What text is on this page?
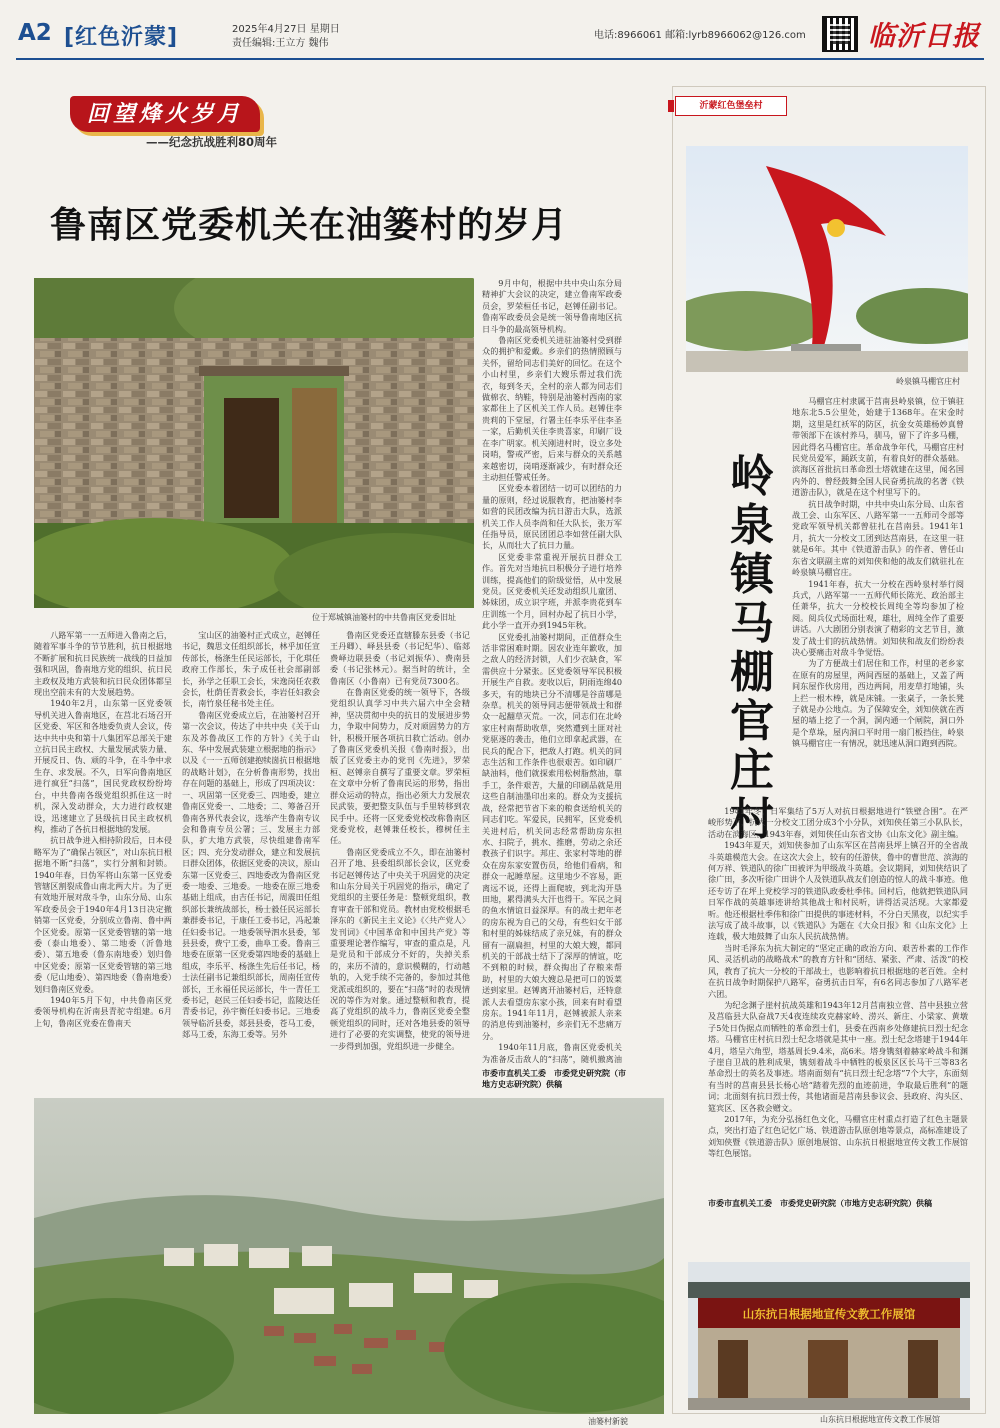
A2 [红色沂蒙]	2025年4月27日 星期日
责任编辑:王立方 魏伟
电话:8966061 邮箱:lyrb8966062@126.com 临沂日报
回望烽火岁月
——纪念抗战胜利80周年
鲁南区党委机关在油篓村的岁月
位于郑城镇油篓村的中共鲁南区党委旧址

9月中旬，根据中共中央山东分局精神扩大会议的决定，建立鲁南军政委员会，罗荣桓任书记，赵镈任副书记。鲁南军政委员会是统一领导鲁南地区抗日斗争的最高领导机构。

鲁南区党委机关进驻油篓村受到群众的拥护和爱戴。乡亲们的热情照顾与关怀，留给同志们美好的回忆。在这个小山村里，乡亲们大嫂乐帮过我们洗衣，每到冬天，全村的亲人都为同志们做棉衣、纳鞋，特别是油篓村西南的家家都住上了区机关工作人员。赵镈住李贵莉的下堂屋，行署主任李乐平住李圣一家，后勤机关住李贵喜家，印刷厂设在李广明家。机关刚进村时，设立多处岗哨，警戒严密，后来与群众的关系越来越密切，岗哨逐渐减少，有时群众还主动担任警戒任务。

区党委本着团结一切可以团结的力量的原则，经过说服教育，把油篓村李如营的民团改编为抗日游击大队，选派机关工作人员李尚和任大队长，张万军任指导员，原民团团总李如营任副大队长，从而壮大了抗日力量。

区党委非常重视开展抗日群众工作。首先对当地抗日积极分子进行培养训练，提高他们的阶级觉悟，从中发展党员。区党委机关还发动组织儿童团、姊妹团，成立识字班，并派李贵花到车庄训练一个月，回村办起了抗日小学，此小学一直开办到1945年秋。

区党委扎油篓村期间，正值群众生活非常困难时期。因农业连年歉收，加之敌人的经济封锁，人们少衣缺食，军需供应十分紧张。区党委领导军民积极开展生产自救。麦收以后，阴雨连绵40多天，有的地块已分不清哪是谷苗哪是杂草。机关的领导同志便带领战士和群众一起翻草灭荒。一次，同志们在北岭家庄村南帮助收草，突然遭到土匪对社党驱逐的袭击，他们立即拿起武器，在民兵的配合下，把敌人打跑。机关的同志生活和工作条件也很艰苦。如印刷厂缺油料，他们就探索用松树脂熬油，靠手工，条件艰苦，大量的印刷品就是用这些自制油墨印出来的。群众为支援抗战，经常把节省下来的粮食送给机关的同志们吃。军爱民，民拥军，区党委机关进村后，机关同志经常帮助房东担水、扫院子，挑水、推磨，劳动之余还教孩子们识字。邦庄、张家村等地的群众在房东家安置伤员，给他们看病，和群众一起睡草屋。这里地少不容易，距离远不说，还得上面爬坡，到北沟开垦田地，累得满头大汗也得干。军民之间的鱼水情谊日益深厚。有的战士把年老的房东视为自己的父母，有些妇女干部和村里的姊妹结成了亲兄妹，有的群众留有一副扁担，村里的大娘大嫂，都同机关的干部战士结下了深厚的情谊，吃不到粮的时候，群众掏出了存粮来帮助，村里的大娘大嫂总是把可口的饭菜送到家里。赵镈离开油篓村后，还特意派人去看望房东家小孩，回来有时看望房东。1941年11月，赵镈被派人亲来的消息传到油篓村，乡亲们无不悲痛万分。

1940年11月底，鲁南区党委机关为准备反击敌人的“扫荡”，随机撤离油

市委市直机关工委　市委党史研究院（市地方史志研究院）供稿

八路军第一一五师进入鲁南之后，随着军事斗争的节节胜利，抗日根据地不断扩展和抗日民族统一战线的日益加强和巩固，鲁南地方党的组织、抗日民主政权及地方武装和抗日民众团体都呈现出空前未有的大发展趋势。

1940年2月，山东第一区党委领导机关进入鲁南地区，在莒北石场召开区党委、军区和各地委负责人会议，传达中共中央和第十八集团军总部关于建立抗日民主政权、大量发展武装力量、开展反日、伪、顽的斗争，在斗争中求生存、求发展。不久，日军向鲁南地区进行疯狂“扫荡”，国民党政权纷纷垮台，中共鲁南各级党组织抓住这一时机，深入发动群众，大力进行政权建设，迅速建立了县级抗日民主政权机构，推动了各抗日根据地的发展。

抗日战争进入相持阶段后，日本侵略军为了“确保占领区”，对山东抗日根据地不断“扫荡”，实行分割和封锁。1940年春，日伪军将山东第一区党委管辖区割裂成鲁山南北两大片。为了更有效地开展对敌斗争，山东分局、山东军政委员会于1940年4月13日决定撤销第一区党委，分别成立鲁南、鲁中两个区党委。原第一区党委管辖的第一地委（泰山地委）、第二地委（沂鲁地委）、第五地委（鲁东南地委）划归鲁中区党委；原第一区党委管辖的第三地委（尼山地委）、第四地委（鲁南地委）划归鲁南区党委。

1940年5月下旬，中共鲁南区党委领导机构在沂南县青驼寺组建。6月上旬，鲁南区党委在鲁南天

宝山区的油篓村正式成立，赵镈任书记，魏思文任组织部长，林乎加任宣传部长，杨涤生任民运部长，于化琪任政府工作部长，朱子成任社会部副部长，孙学之任职工会长，宋逸岗任农救会长，杜荫任青救会长，李岩任妇救会长，南竹泉任秘书处主任。

鲁南区党委成立后，在油篓村召开第一次会议，传达了中共中央《关于山东及苏鲁战区工作的方针》《关于山东、华中发展武装建立根据地的指示》以及《一一五师创建抱犊崮抗日根据地的战略计划》，在分析鲁南形势，找出存在问题的基础上，形成了四项决议：一、巩固第一区党委三、四地委，建立鲁南区党委一、二地委；二、筹备召开鲁南各界代表会议，选举产生鲁南专议会和鲁南专员公署；三、发展主力部队，扩大地方武装，尽快组建鲁南军区；四、充分发动群众，建立和发展抗日群众团体，依据区党委的决议，原山东第一区党委三、四地委改为鲁南区党委一地委、三地委。一地委在原三地委基础上组成，由吉任书记，周震田任组织部长兼统战部长，杨士毅任民运部长兼群委书记，于康任工委书记，冯起兼任妇委书记。一地委领导泗水县委，邹县县委，费宁工委，曲阜工委。鲁南三地委在原第一区党委第四地委的基础上组成，李乐平、杨涤生先后任书记，杨士法任副书记兼组织部长，周南任宣传部长，王永福任民运部长，牛一青任工委书记，赵民三任妇委书记，监陵达任青委书记，孙宇衡任妇委书记。三地委领导临沂县委，郯县县委，苍马工委，郯马工委，东海工委等。另外

鲁南区党委还直辖滕东县委（书记王丹卿）、峄县县委（书记纪华）、临郯费峄边联县委（书记刘振华）、费南县委（书记张林元）。据当时的统计，全鲁南区（小鲁南）已有党员7300名。

在鲁南区党委的统一领导下，各级党组织认真学习中共六届六中全会精神，坚决贯彻中央的抗日的发展进步势力，争取中间势力，反对顽固势力的方针，积极开展各项抗日救亡活动。创办了鲁南区党委机关报《鲁南时报》，出版了区党委主办的党刊《先进》，罗荣桓、赵镈亲自撰写了重要文章。罗荣桓在文章中分析了鲁南民运的形势，指出群众运动的特点，指出必须大力发展农民武装，要把整支队伍与手里转移到农民手中。还将一区党委党校改称鲁南区党委党校，赵镈兼任校长，穆树任主任。

鲁南区党委成立不久，即在油篓村召开了地、县委组织部长会议，区党委书记赵镈传达了中央关于巩固党的决定和山东分局关于巩固党的指示，确定了党组织的主要任务是：整顿党组织，教育审查干部和党员。教材由党校根据毛泽东的《新民主主义论》《〈共产党人〉发刊词》《中国革命和中国共产党》等重要理论著作编写，审查的重点是，凡是党员和干部成分不好的，失掉关系的，来历不清的，意识模糊的，行动越轨的，入党手续不完备的，参加过其他党派或组织的，要在“扫荡”时的表现情况的等作为对象。通过整顿和教育，提高了党组织的战斗力，鲁南区党委全整顿党组织的同时，还对各地县委的领导进行了必要的充实调整，使党的领导进一步得到加强，党组织进一步健全。

油篓村新貌
沂蒙红色堡垒村
岭泉镇马棚官庄村

马棚官庄村隶属于莒南县岭泉镇，位于镇驻地东北5.5公里处，始建于1368年。在宋金时期，这里是红袄军的防区，抗金女英雄杨妙真曾带领部下在该村养马，驯马，留下了许多马棚，因此得名马棚官庄。革命战争年代，马棚官庄村民党员爱军，踊跃支前，有着良好的群众基础。滨海区首批抗日革命烈士塔就建在这里，闻名国内外的、曾经鼓舞全国人民奋勇抗战的名著《铁道游击队》，就是在这个村里写下的。

抗日战争时期，中共中央山东分局、山东省战工会、山东军区、八路军第一一五师司令部等党政军领导机关都曾驻扎在莒南县。1941年1月，抗大一分校文工团到达莒南县，在这里一驻就是6年。其中《铁道游击队》的作者、曾任山东省文联副主席的刘知侠和他的战友们就驻扎在岭泉镇马棚官庄。

1941年春，抗大一分校在西岭泉村举行阅兵式，八路军第一一五师代师长陈光、政治部主任萧华，抗大一分校校长周纯全等均参加了检阅。阅兵仪式场面壮观，雄壮，周纯全作了重要讲话。八大剧团分别表演了精彩的文艺节目，激发了战士们的抗战热情。刘知侠和战友们纷纷表决心要痛击对敌斗争觉悟。

为了方便战士们居住和工作，村里的老乡家在原有的房屋里，两间西屋的基础上，又盖了两间东屋作伙房用，西边两间，用麦草打地铺，头上拦一根木棒，就是床铺。一张桌子，一条长凳子就是办公地点。为了保障安全，刘知侠就在西屋的墙上挖了一个洞，洞内通一个闸院，洞口外是个草垛，屋内洞口平时用一扇门板挡住，岭泉镇马棚官庄一有情况，就迅速从洞口跑到西院。

岭泉镇马棚官庄村

1941年冬，日军集结了5万人对抗日根据地进行“铁壁合围”。在严峻形势下，抗大一分校文工团分成3个小分队，刘知侠任第三小队队长，活动在滨海区。1943年春，刘知侠任山东省文协《山东文化》副主编。

1943年夏天，刘知侠参加了山东军区在莒南县坪上镇召开的全省战斗英雄模范大会。在这次大会上，较有的任游侠，鲁中的曹世范、滨海的何万祥、铁道队的徐广田被评为甲级战斗英雄。会议期间，刘知侠结识了徐广田，多次听徐广田讲个人及铁道队战友们创造的惊人的战斗事迹。他还专访了在坪上党校学习的铁道队政委杜季伟。回村后，他就把铁道队同日军作战的英雄事迹讲给其他战士和村民听，讲得活灵活现。大家都爱听。他还根据杜季伟和徐广田提供的事迹材料，不分白天黑夜，以纪实手法写成了战斗故事，以《铁道队》为题在《大众日报》和《山东文化》上连载，极大地鼓舞了山东人民抗战热情。

当时毛泽东为抗大制定的“坚定正确的政治方向、艰苦朴素的工作作风、灵活机动的战略战术”的教育方针和“团结、紧张、严肃、活泼”的校风，教育了抗大一分校的干部战士，也影响着抗日根据地的老百姓。全村在抗日战争时期保护八路军，奋勇抗击日军，有6名同志参加了八路军老六团。

为纪念渊子崖村抗战英雄和1943年12月莒南独立营、莒中县独立营及莒临县大队奋战7天4夜连续攻克赫家岭、涝兴、新庄、小梁家、黄墩子5处日伪据点而牺牲的革命烈士们，县委在西南乡处修建抗日烈士纪念塔。马棚官庄村抗日烈士纪念塔就是其中一座。烈士纪念塔建于1944年4月，塔呈六角型，塔基周长9.4米，高6米。塔身镌刻着赫家岭战斗和渊子崖自卫战的胜利成果，镌刻着战斗中牺牲的板泉区区长马干三等83名革命烈士的英名及事迹。塔南面刻有“抗日烈士纪念塔”7个大字，东面刻有当时的莒南县县长杨心培“踏着先烈的血迹前进，争取最后胜利”的题词；北面刻有抗日烈士传，其他诸面是莒南县参议会、县政府、沟头区、筵宾区、区各救会赠文。

2017年，为充分弘扬红色文化，马棚官庄村重点打造了红色主题景点，突出打造了红色记忆广场、铁道游击队原创地等景点，高标准建设了刘知侠暨《铁道游击队》原创地展馆、山东抗日根据地宣传文教工作展馆等红色展馆。

市委市直机关工委　市委党史研究院（市地方史志研究院）供稿
山东抗日根据地宣传文教工作展馆
山东抗日根据地宣传文教工作展馆
